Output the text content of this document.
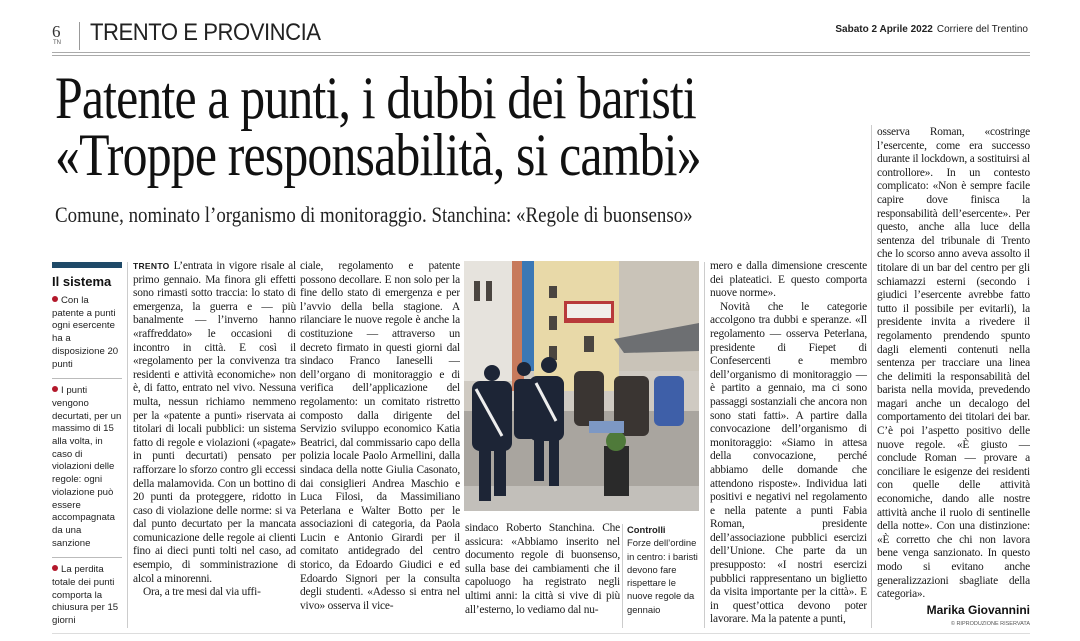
6
TN TRENTO E PROVINCIA	Sabato 2 Aprile 2022 Corriere del Trentino
Patente a punti, i dubbi dei baristi
«Troppe responsabilità, si cambi»
Comune, nominato l’organismo di monitoraggio. Stanchina: «Regole di buonsenso»
Il sistema
Con la patente a punti ogni esercente ha a disposizione 20 punti
I punti vengono decurtati, per un massimo di 15 alla volta, in caso di violazioni delle regole: ogni violazione può essere accompagnata da una sanzione
La perdita totale dei punti comporta la chiusura per 15 giorni

TRENTO L’entrata in vigore risale al primo gennaio. Ma finora gli effetti sono rimasti sotto traccia: lo stato di emergenza, la guerra e — più banalmente — l’inverno hanno «raffreddato» le occasioni di incontro in città. E così il «regolamento per la convivenza tra residenti e attività economiche» non è, di fatto, entrato nel vivo. Nessuna multa, nessun richiamo nemmeno per la «patente a punti» riservata ai titolari di locali pubblici: un sistema fatto di regole e violazioni («pagate» in punti decurtati) pensato per rafforzare lo sforzo contro gli eccessi della malamovida. Con un bottino di 20 punti da proteggere, ridotto in caso di violazione delle norme: si va dal punto decurtato per la mancata comunicazione delle regole ai clienti fino ai dieci punti tolti nel caso, ad esempio, di somministrazione di alcol a minorenni.

Ora, a tre mesi dal via uffi-

ciale, regolamento e patente possono decollare. E non solo per la fine dello stato di emergenza e per l’avvio della bella stagione. A rilanciare le nuove regole è anche la costituzione — attraverso un decreto firmato in questi giorni dal sindaco Franco Ianeselli — dell’organo di monitoraggio e di verifica dell’applicazione del regolamento: un comitato ristretto composto dalla dirigente del Servizio sviluppo economico Katia Beatrici, dal commissario capo della polizia locale Paolo Armellini, dalla sindaca della notte Giulia Casonato, dai consiglieri Andrea Maschio e Luca Filosi, da Massimiliano Peterlana e Walter Botto per le associazioni di categoria, da Paola Lucin e Antonio Girardi per il comitato antidegrado del centro storico, da Edoardo Giudici e ed Edoardo Signori per la consulta degli studenti. «Adesso si entra nel vivo» osserva il vice-

sindaco Roberto Stanchina. Che assicura: «Abbiamo inserito nel documento regole di buonsenso, sulla base dei cambiamenti che il capoluogo ha registrato negli ultimi anni: la città si vive di più all’esterno, lo vediamo dal nu-

Controlli
Forze dell’ordine in centro: i baristi devono fare rispettare le nuove regole da gennaio

mero e dalla dimensione crescente dei plateatici. E questo comporta nuove norme».

Novità che le categorie accolgono tra dubbi e speranze. «Il regolamento — osserva Peterlana, presidente di Fiepet di Confesercenti e membro dell’organismo di monitoraggio — è partito a gennaio, ma ci sono passaggi sostanziali che ancora non sono stati fatti». A partire dalla convocazione dell’organismo di monitoraggio: «Siamo in attesa della convocazione, perché abbiamo delle domande che attendono risposte». Individua lati positivi e negativi nel regolamento e nella patente a punti Fabia Roman, presidente dell’associazione pubblici esercizi dell’Unione. Che parte da un presupposto: «I nostri esercizi pubblici rappresentano un biglietto da visita importante per la città». E in quest’ottica devono poter lavorare. Ma la patente a punti,

osserva Roman, «costringe l’esercente, come era successo durante il lockdown, a sostituirsi al controllore». In un contesto complicato: «Non è sempre facile capire dove finisca la responsabilità dell’esercente». Per questo, anche alla luce della sentenza del tribunale di Trento che lo scorso anno aveva assolto il titolare di un bar del centro per gli schiamazzi esterni (secondo i giudici l’esercente avrebbe fatto tutto il possibile per evitarli), la presidente invita a rivedere il regolamento prendendo spunto dagli elementi contenuti nella sentenza per tracciare una linea che delimiti la responsabilità del barista nella movida, prevedendo magari anche un decalogo del comportamento dei titolari dei bar. C’è poi l’aspetto positivo delle nuove regole. «È giusto — conclude Roman — provare a conciliare le esigenze dei residenti con quelle delle attività economiche, dando alle nostre attività anche il ruolo di sentinelle della notte». Con una distinzione: «È corretto che chi non lavora bene venga sanzionato. In questo modo si evitano anche generalizzazioni sbagliate della categoria».

Marika Giovannini
© RIPRODUZIONE RISERVATA
